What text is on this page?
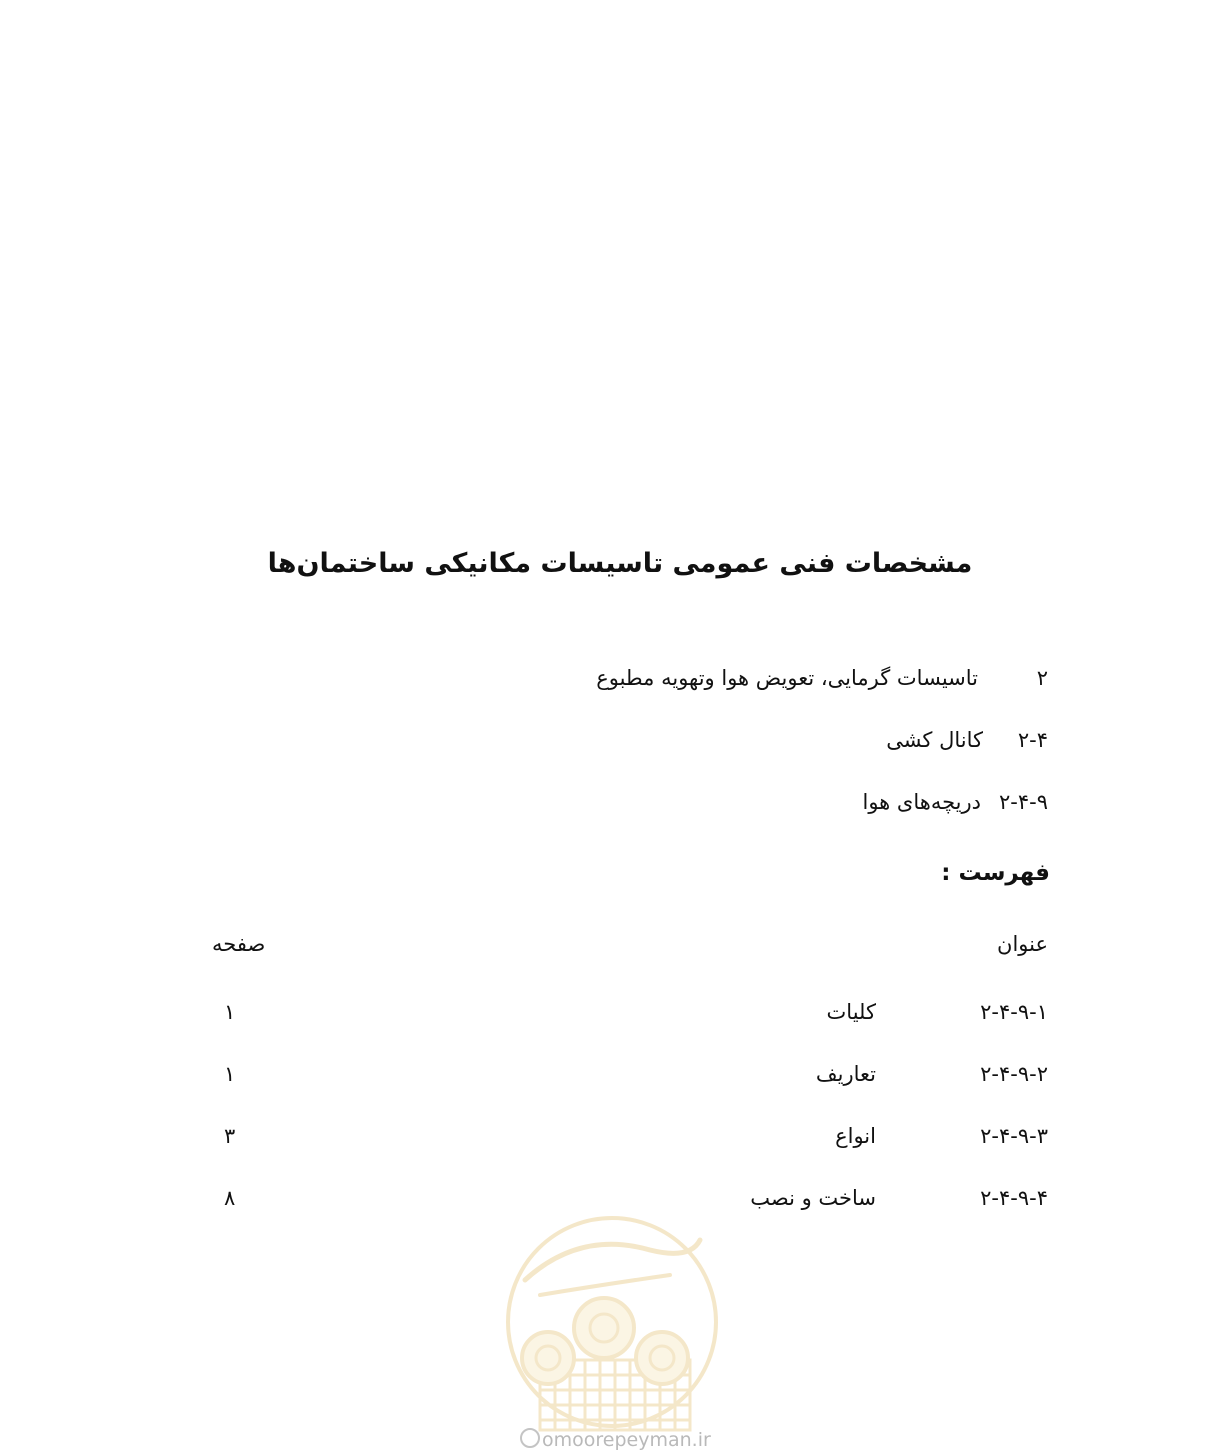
مشخصات فنی عمومی تاسیسات مکانیکی ساختمان‌ها
۲تاسیسات گرمایی، تعویض هوا وتهویه مطبوع
۲-۴کانال کشی
۲-۴-۹دریچه‌های هوا
فهرست :
عنوان
صفحه
۲-۴-۹-۱
کلیات
۱
۲-۴-۹-۲
تعاریف
۱
۲-۴-۹-۳
انواع
۳
۲-۴-۹-۴
ساخت و نصب
۸
omoorepeyman.ir
